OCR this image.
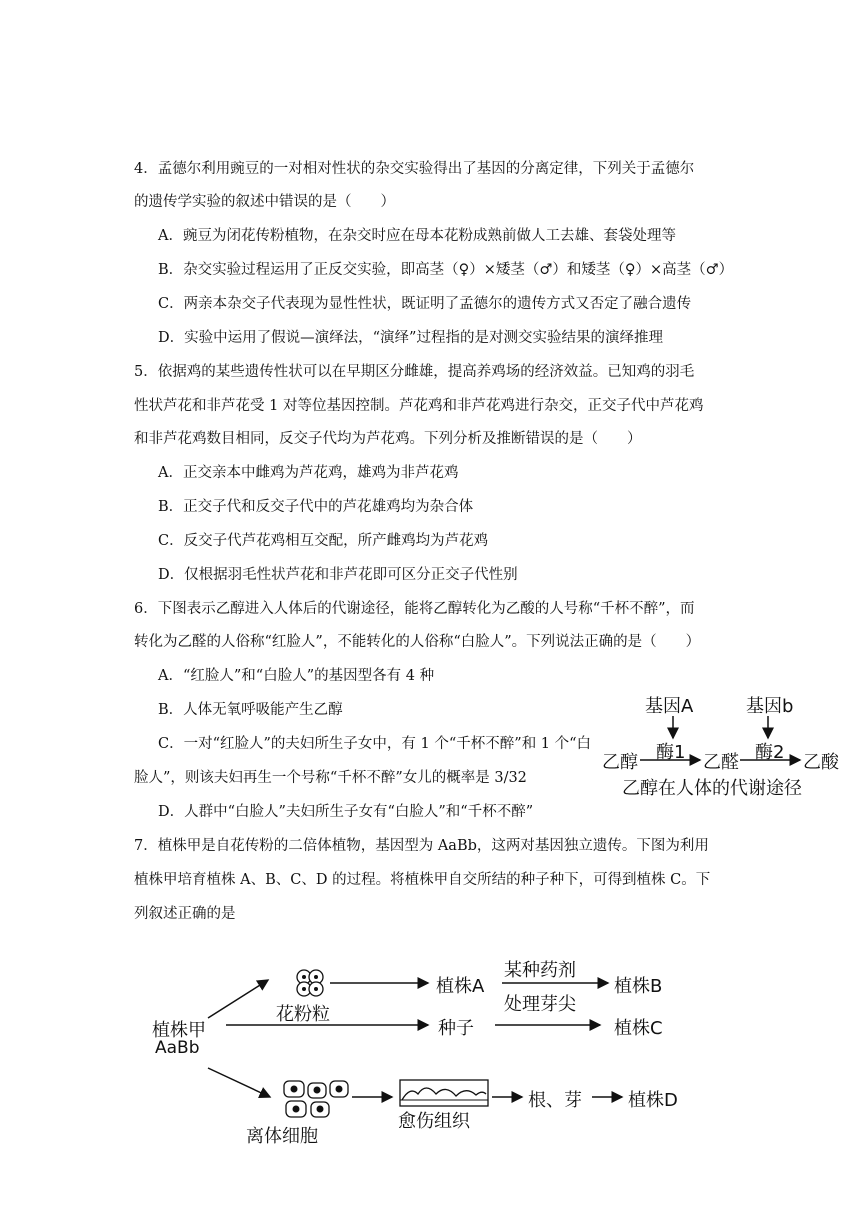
4．孟德尔利用豌豆的一对相对性状的杂交实验得出了基因的分离定律，下列关于孟德尔
的遗传学实验的叙述中错误的是（　　）
A．豌豆为闭花传粉植物，在杂交时应在母本花粉成熟前做人工去雄、套袋处理等
B．杂交实验过程运用了正反交实验，即高茎（♀）×矮茎（♂）和矮茎（♀）×高茎（♂）
C．两亲本杂交子代表现为显性性状，既证明了孟德尔的遗传方式又否定了融合遗传
D．实验中运用了假说—演绎法，“演绎”过程指的是对测交实验结果的演绎推理
5．依据鸡的某些遗传性状可以在早期区分雌雄，提高养鸡场的经济效益。已知鸡的羽毛
性状芦花和非芦花受 1 对等位基因控制。芦花鸡和非芦花鸡进行杂交，正交子代中芦花鸡
和非芦花鸡数目相同，反交子代均为芦花鸡。下列分析及推断错误的是（　　）
A．正交亲本中雌鸡为芦花鸡，雄鸡为非芦花鸡
B．正交子代和反交子代中的芦花雄鸡均为杂合体
C．反交子代芦花鸡相互交配，所产雌鸡均为芦花鸡
D．仅根据羽毛性状芦花和非芦花即可区分正交子代性别
6．下图表示乙醇进入人体后的代谢途径，能将乙醇转化为乙酸的人号称“千杯不醉”，而
转化为乙醛的人俗称“红脸人”，不能转化的人俗称“白脸人”。下列说法正确的是（　　）
A．“红脸人”和“白脸人”的基因型各有 4 种
B．人体无氧呼吸能产生乙醇
C．一对“红脸人”的夫妇所生子女中，有 1 个“千杯不醉”和 1 个“白
脸人”，则该夫妇再生一个号称“千杯不醉”女儿的概率是 3/32
D．人群中“白脸人”夫妇所生子女有“白脸人”和“千杯不醉”
基因A	基因b
酶1	酶2
乙醇	乙醛	乙酸
乙醇在人体的代谢途径
7．植株甲是自花传粉的二倍体植物，基因型为 AaBb，这两对基因独立遗传。下图为利用
植株甲培育植株 A、B、C、D 的过程。将植株甲自交所结的种子种下，可得到植株 C。下
列叙述正确的是
植株甲
AaBb
花粉粒
植株A
某种药剂
处理芽尖
植株B
种子	植株C
离体细胞
愈伤组织
根、芽	植株D
